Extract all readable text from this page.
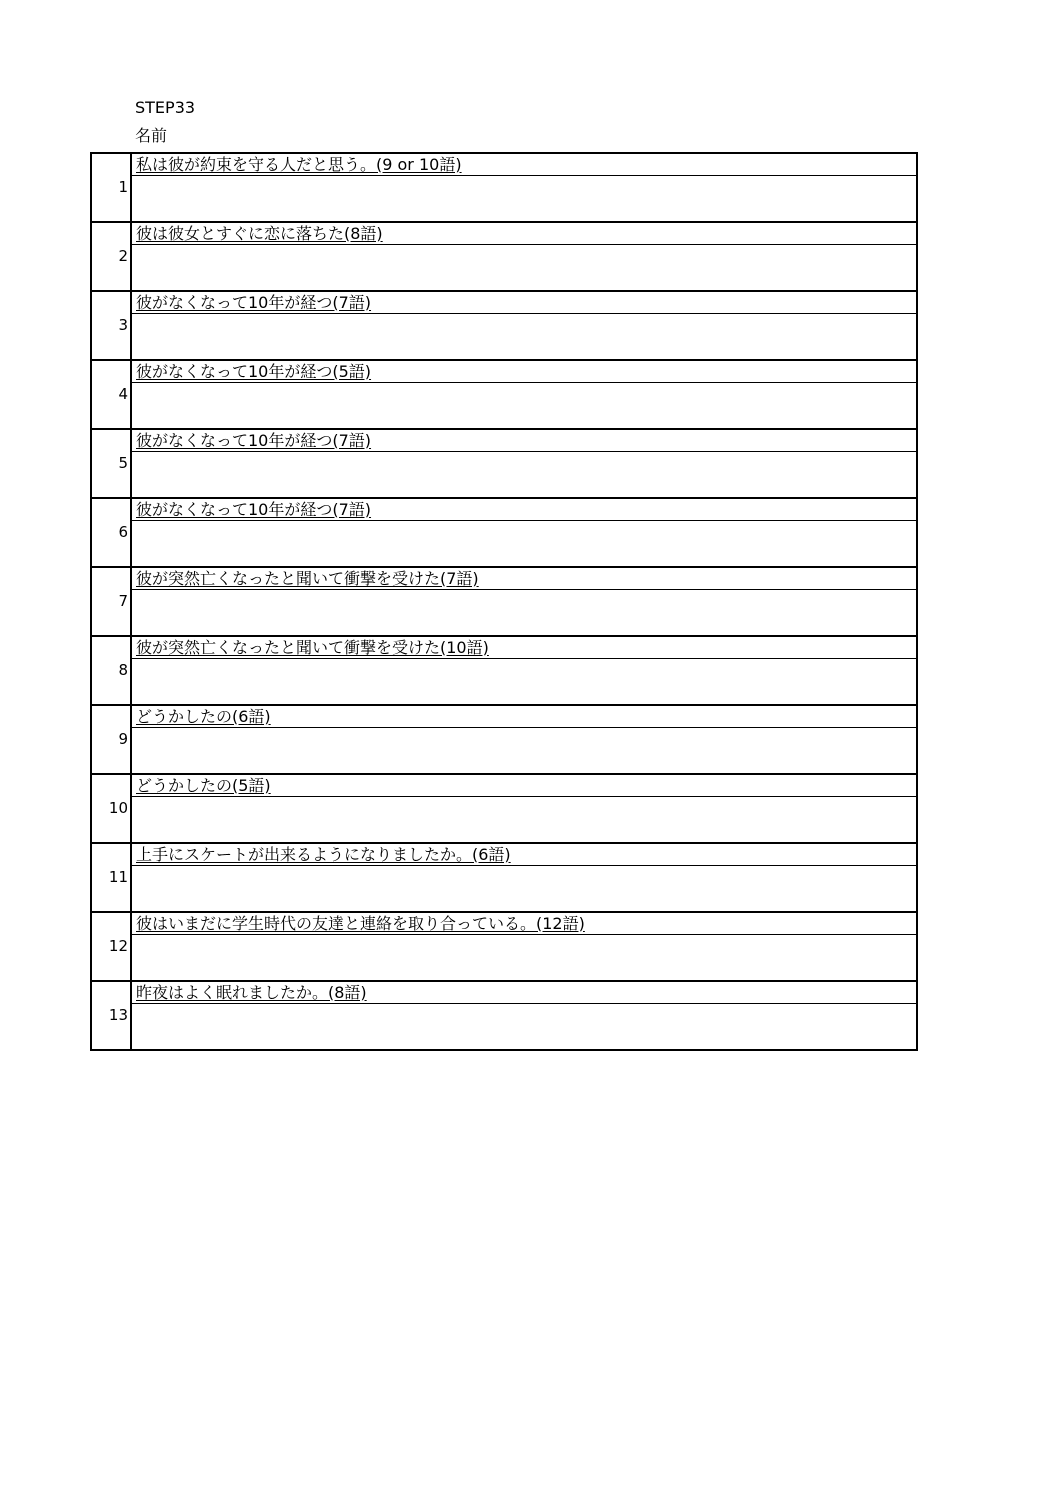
STEP33
名前
1	私は彼が約束を守る人だと思う。(9 or 10語)

2	彼は彼女とすぐに恋に落ちた(8語)

3	彼がなくなって10年が経つ(7語)

4	彼がなくなって10年が経つ(5語)

5	彼がなくなって10年が経つ(7語)

6	彼がなくなって10年が経つ(7語)

7	彼が突然亡くなったと聞いて衝撃を受けた(7語)

8	彼が突然亡くなったと聞いて衝撃を受けた(10語)

9	どうかしたの(6語)

10	どうかしたの(5語)

11	上手にスケートが出来るようになりましたか。(6語)

12	彼はいまだに学生時代の友達と連絡を取り合っている。(12語)

13	昨夜はよく眠れましたか。(8語)
